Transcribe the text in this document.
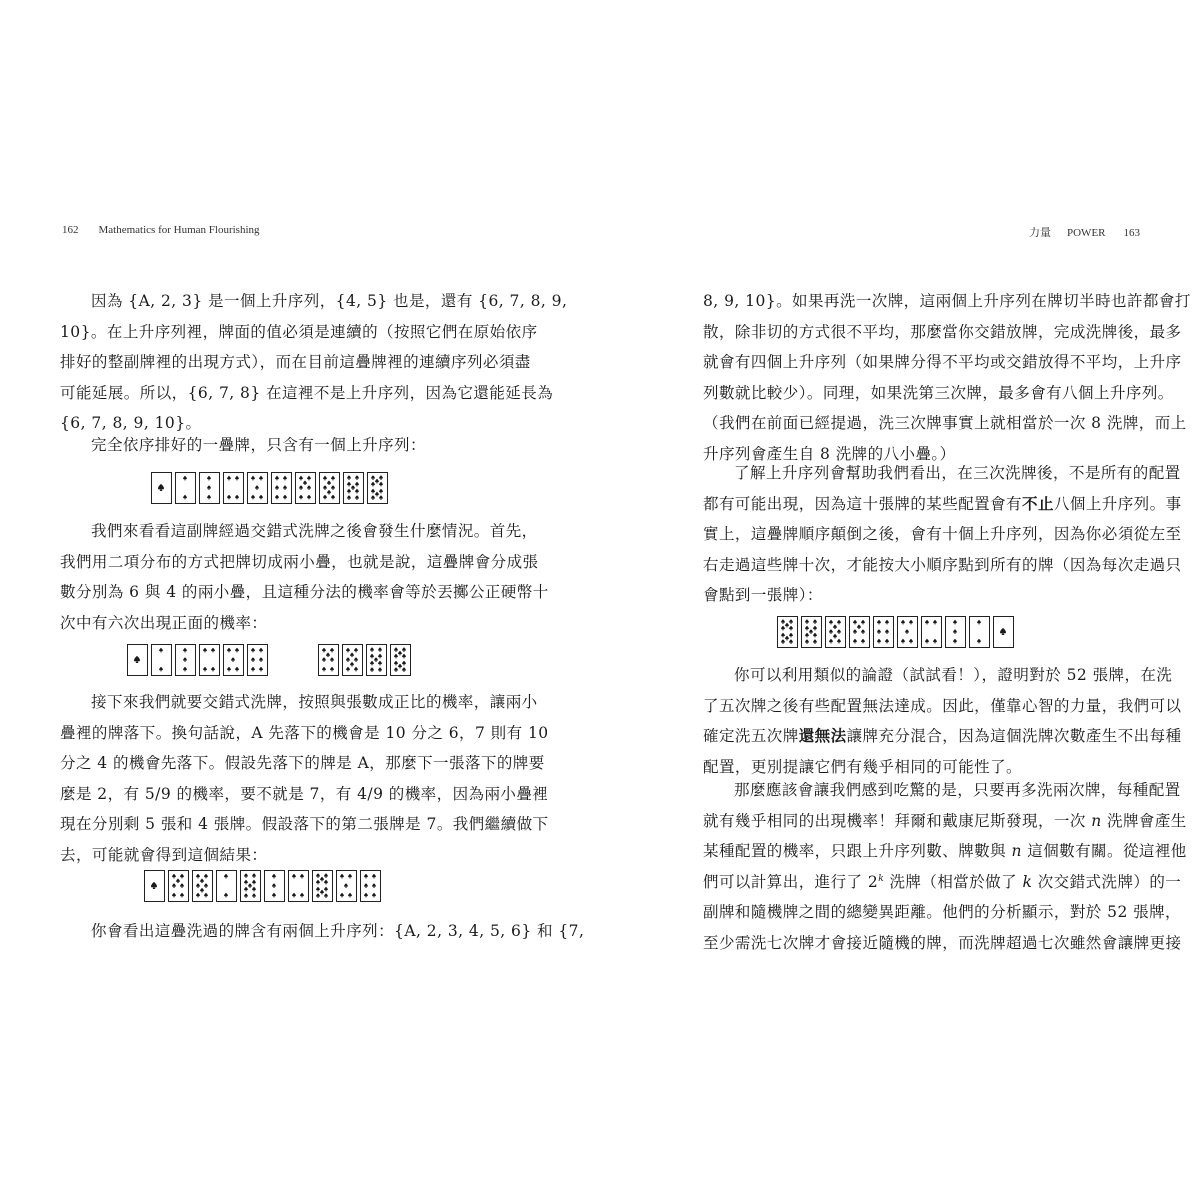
162 Mathematics for Human Flourishing

因為 {A, 2, 3} 是一個上升序列，{4, 5} 也是，還有 {6, 7, 8, 9,
10}。在上升序列裡，牌面的值必須是連續的（按照它們在原始依序
排好的整副牌裡的出現方式），而在目前這疊牌裡的連續序列必須盡
可能延展。所以，{6, 7, 8} 在這裡不是上升序列，因為它還能延長為
{6, 7, 8, 9, 10}。

完全依序排好的一疊牌，只含有一個上升序列：

我們來看看這副牌經過交錯式洗牌之後會發生什麼情況。首先，
我們用二項分布的方式把牌切成兩小疊，也就是說，這疊牌會分成張
數分別為 6 與 4 的兩小疊，且這種分法的機率會等於丟擲公正硬幣十
次中有六次出現正面的機率：

接下來我們就要交錯式洗牌，按照與張數成正比的機率，讓兩小
疊裡的牌落下。換句話說，A 先落下的機會是 10 分之 6，7 則有 10
分之 4 的機會先落下。假設先落下的牌是 A，那麼下一張落下的牌要
麼是 2，有 5/9 的機率，要不就是 7，有 4/9 的機率，因為兩小疊裡
現在分別剩 5 張和 4 張牌。假設落下的第二張牌是 7。我們繼續做下
去，可能就會得到這個結果：

你會看出這疊洗過的牌含有兩個上升序列：{A, 2, 3, 4, 5, 6} 和 {7,

力量 POWER 163

8, 9, 10}。如果再洗一次牌，這兩個上升序列在牌切半時也許都會打
散，除非切的方式很不平均，那麼當你交錯放牌，完成洗牌後，最多
就會有四個上升序列（如果牌分得不平均或交錯放得不平均，上升序
列數就比較少）。同理，如果洗第三次牌，最多會有八個上升序列。
（我們在前面已經提過，洗三次牌事實上就相當於一次 8 洗牌，而上
升序列會產生自 8 洗牌的八小疊。）

了解上升序列會幫助我們看出，在三次洗牌後，不是所有的配置
都有可能出現，因為這十張牌的某些配置會有不止八個上升序列。事
實上，這疊牌順序顛倒之後，會有十個上升序列，因為你必須從左至
右走過這些牌十次，才能按大小順序點到所有的牌（因為每次走過只
會點到一張牌）：

你可以利用類似的論證（試試看！），證明對於 52 張牌，在洗
了五次牌之後有些配置無法達成。因此，僅靠心智的力量，我們可以
確定洗五次牌還無法讓牌充分混合，因為這個洗牌次數產生不出每種
配置，更別提讓它們有幾乎相同的可能性了。

那麼應該會讓我們感到吃驚的是，只要再多洗兩次牌，每種配置
就有幾乎相同的出現機率！拜爾和戴康尼斯發現，一次 n 洗牌會產生
某種配置的機率，只跟上升序列數、牌數與 n 這個數有關。從這裡他
們可以計算出，進行了 2$^k$ 洗牌（相當於做了 k 次交錯式洗牌）的一
副牌和隨機牌之間的總變異距離。他們的分析顯示，對於 52 張牌，
至少需洗七次牌才會接近隨機的牌，而洗牌超過七次雖然會讓牌更接
